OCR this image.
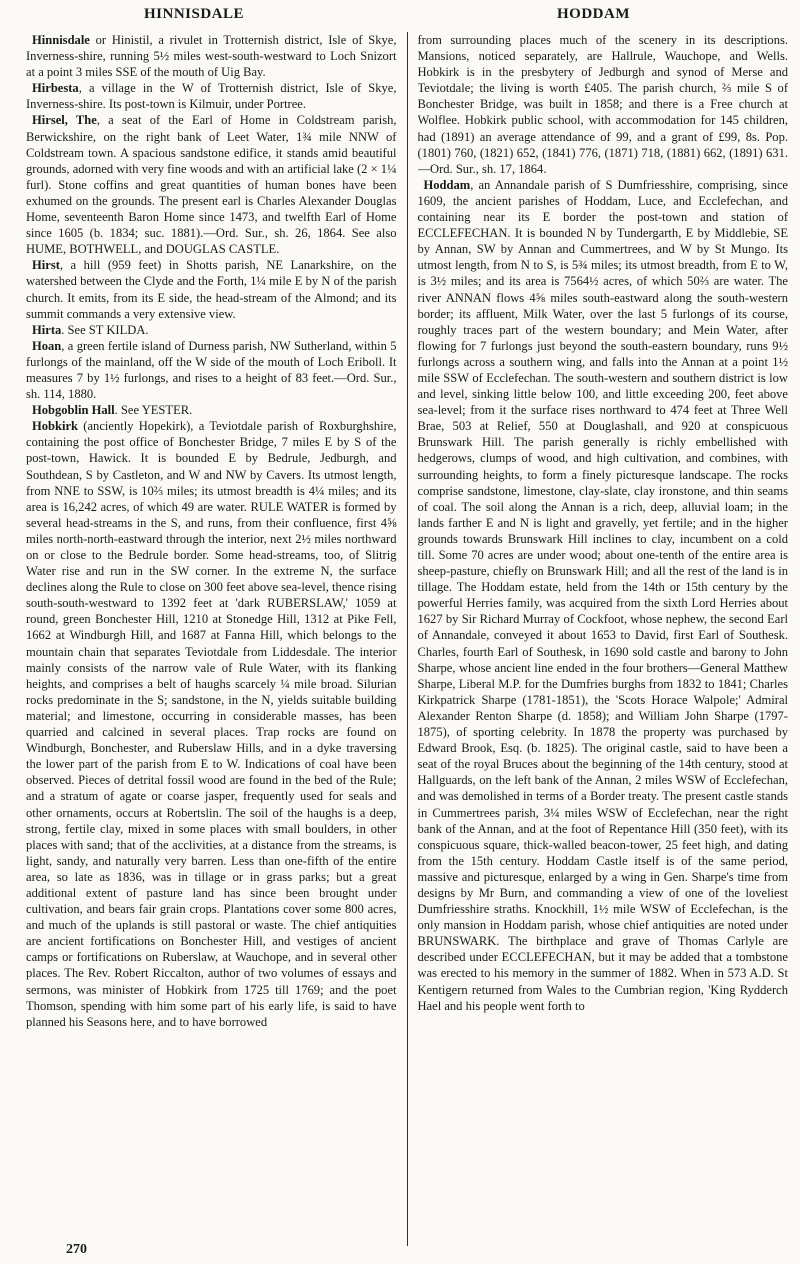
HINNISDALE	HODDAM

Hinnisdale or Hinistil, a rivulet in Trotternish district, Isle of Skye, Inverness-shire, running 5½ miles west-south-westward to Loch Snizort at a point 3 miles SSE of the mouth of Uig Bay.

Hirbesta, a village in the W of Trotternish district, Isle of Skye, Inverness-shire. Its post-town is Kilmuir, under Portree.

Hirsel, The, a seat of the Earl of Home in Coldstream parish, Berwickshire, on the right bank of Leet Water, 1¾ mile NNW of Coldstream town. A spacious sandstone edifice, it stands amid beautiful grounds, adorned with very fine woods and with an artificial lake (2 × 1¼ furl). Stone coffins and great quantities of human bones have been exhumed on the grounds. The present earl is Charles Alexander Douglas Home, seventeenth Baron Home since 1473, and twelfth Earl of Home since 1605 (b. 1834; suc. 1881).—Ord. Sur., sh. 26, 1864. See also HUME, BOTHWELL, and DOUGLAS CASTLE.

Hirst, a hill (959 feet) in Shotts parish, NE Lanarkshire, on the watershed between the Clyde and the Forth, 1¼ mile E by N of the parish church. It emits, from its E side, the head-stream of the Almond; and its summit commands a very extensive view.

Hirta. See ST KILDA.

Hoan, a green fertile island of Durness parish, NW Sutherland, within 5 furlongs of the mainland, off the W side of the mouth of Loch Eriboll. It measures 7 by 1½ furlongs, and rises to a height of 83 feet.—Ord. Sur., sh. 114, 1880.

Hobgoblin Hall. See YESTER.

Hobkirk (anciently Hopekirk), a Teviotdale parish of Roxburghshire, containing the post office of Bonchester Bridge, 7 miles E by S of the post-town, Hawick. It is bounded E by Bedrule, Jedburgh, and Southdean, S by Castleton, and W and NW by Cavers. Its utmost length, from NNE to SSW, is 10⅔ miles; its utmost breadth is 4¼ miles; and its area is 16,242 acres, of which 49 are water. RULE WATER is formed by several head-streams in the S, and runs, from their confluence, first 4⅝ miles north-north-eastward through the interior, next 2½ miles northward on or close to the Bedrule border. Some head-streams, too, of Slitrig Water rise and run in the SW corner. In the extreme N, the surface declines along the Rule to close on 300 feet above sea-level, thence rising south-south-westward to 1392 feet at 'dark RUBERSLAW,' 1059 at round, green Bonchester Hill, 1210 at Stonedge Hill, 1312 at Pike Fell, 1662 at Windburgh Hill, and 1687 at Fanna Hill, which belongs to the mountain chain that separates Teviotdale from Liddesdale. The interior mainly consists of the narrow vale of Rule Water, with its flanking heights, and comprises a belt of haughs scarcely ¼ mile broad. Silurian rocks predominate in the S; sandstone, in the N, yields suitable building material; and limestone, occurring in considerable masses, has been quarried and calcined in several places. Trap rocks are found on Windburgh, Bonchester, and Ruberslaw Hills, and in a dyke traversing the lower part of the parish from E to W. Indications of coal have been observed. Pieces of detrital fossil wood are found in the bed of the Rule; and a stratum of agate or coarse jasper, frequently used for seals and other ornaments, occurs at Robertslin. The soil of the haughs is a deep, strong, fertile clay, mixed in some places with small boulders, in other places with sand; that of the acclivities, at a distance from the streams, is light, sandy, and naturally very barren. Less than one-fifth of the entire area, so late as 1836, was in tillage or in grass parks; but a great additional extent of pasture land has since been brought under cultivation, and bears fair grain crops. Plantations cover some 800 acres, and much of the uplands is still pastoral or waste. The chief antiquities are ancient fortifications on Bonchester Hill, and vestiges of ancient camps or fortifications on Ruberslaw, at Wauchope, and in several other places. The Rev. Robert Riccalton, author of two volumes of essays and sermons, was minister of Hobkirk from 1725 till 1769; and the poet Thomson, spending with him some part of his early life, is said to have planned his Seasons here, and to have borrowed

from surrounding places much of the scenery in its descriptions. Mansions, noticed separately, are Hallrule, Wauchope, and Wells. Hobkirk is in the presbytery of Jedburgh and synod of Merse and Teviotdale; the living is worth £405. The parish church, ⅔ mile S of Bonchester Bridge, was built in 1858; and there is a Free church at Wolflee. Hobkirk public school, with accommodation for 145 children, had (1891) an average attendance of 99, and a grant of £99, 8s. Pop. (1801) 760, (1821) 652, (1841) 776, (1871) 718, (1881) 662, (1891) 631.—Ord. Sur., sh. 17, 1864.

Hoddam, an Annandale parish of S Dumfriesshire, comprising, since 1609, the ancient parishes of Hoddam, Luce, and Ecclefechan, and containing near its E border the post-town and station of ECCLEFECHAN. It is bounded N by Tundergarth, E by Middlebie, SE by Annan, SW by Annan and Cummertrees, and W by St Mungo. Its utmost length, from N to S, is 5¾ miles; its utmost breadth, from E to W, is 3½ miles; and its area is 7564½ acres, of which 50⅔ are water. The river ANNAN flows 4⅝ miles south-eastward along the south-western border; its affluent, Milk Water, over the last 5 furlongs of its course, roughly traces part of the western boundary; and Mein Water, after flowing for 7 furlongs just beyond the south-eastern boundary, runs 9½ furlongs across a southern wing, and falls into the Annan at a point 1½ mile SSW of Ecclefechan. The south-western and southern district is low and level, sinking little below 100, and little exceeding 200, feet above sea-level; from it the surface rises northward to 474 feet at Three Well Brae, 503 at Relief, 550 at Douglashall, and 920 at conspicuous Brunswark Hill. The parish generally is richly embellished with hedgerows, clumps of wood, and high cultivation, and combines, with surrounding heights, to form a finely picturesque landscape. The rocks comprise sandstone, limestone, clay-slate, clay ironstone, and thin seams of coal. The soil along the Annan is a rich, deep, alluvial loam; in the lands farther E and N is light and gravelly, yet fertile; and in the higher grounds towards Brunswark Hill inclines to clay, incumbent on a cold till. Some 70 acres are under wood; about one-tenth of the entire area is sheep-pasture, chiefly on Brunswark Hill; and all the rest of the land is in tillage. The Hoddam estate, held from the 14th or 15th century by the powerful Herries family, was acquired from the sixth Lord Herries about 1627 by Sir Richard Murray of Cockfoot, whose nephew, the second Earl of Annandale, conveyed it about 1653 to David, first Earl of Southesk. Charles, fourth Earl of Southesk, in 1690 sold castle and barony to John Sharpe, whose ancient line ended in the four brothers—General Matthew Sharpe, Liberal M.P. for the Dumfries burghs from 1832 to 1841; Charles Kirkpatrick Sharpe (1781-1851), the 'Scots Horace Walpole;' Admiral Alexander Renton Sharpe (d. 1858); and William John Sharpe (1797-1875), of sporting celebrity. In 1878 the property was purchased by Edward Brook, Esq. (b. 1825). The original castle, said to have been a seat of the royal Bruces about the beginning of the 14th century, stood at Hallguards, on the left bank of the Annan, 2 miles WSW of Ecclefechan, and was demolished in terms of a Border treaty. The present castle stands in Cummertrees parish, 3¼ miles WSW of Ecclefechan, near the right bank of the Annan, and at the foot of Repentance Hill (350 feet), with its conspicuous square, thick-walled beacon-tower, 25 feet high, and dating from the 15th century. Hoddam Castle itself is of the same period, massive and picturesque, enlarged by a wing in Gen. Sharpe's time from designs by Mr Burn, and commanding a view of one of the loveliest Dumfriesshire straths. Knockhill, 1½ mile WSW of Ecclefechan, is the only mansion in Hoddam parish, whose chief antiquities are noted under BRUNSWARK. The birthplace and grave of Thomas Carlyle are described under ECCLEFECHAN, but it may be added that a tombstone was erected to his memory in the summer of 1882. When in 573 A.D. St Kentigern returned from Wales to the Cumbrian region, 'King Rydderch Hael and his people went forth to

270
